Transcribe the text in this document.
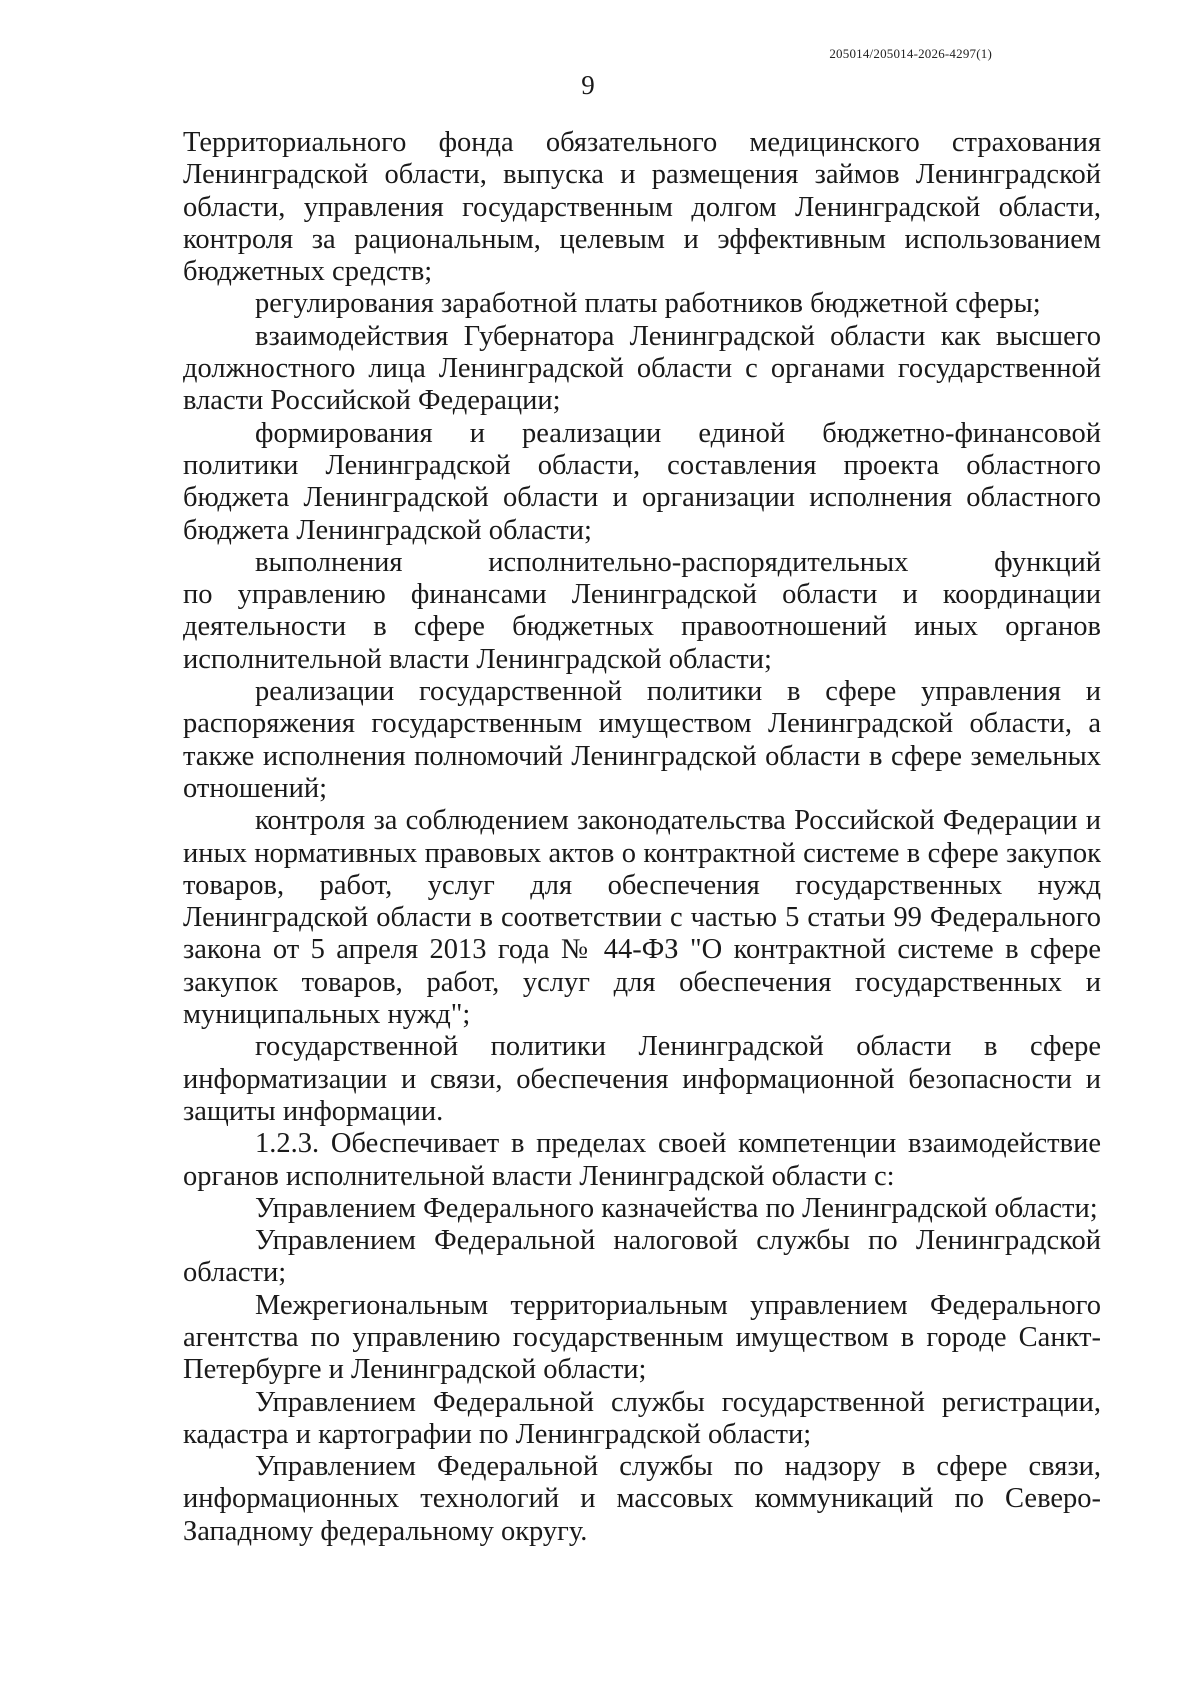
205014/205014-2026-4297(1)
9

Территориального фонда обязательного медицинского страхования Ленинградской области, выпуска и размещения займов Ленинградской области, управления государственным долгом Ленинградской области, контроля за рациональным, целевым и эффективным использованием бюджетных средств;

регулирования заработной платы работников бюджетной сферы;

взаимодействия Губернатора Ленинградской области как высшего должностного лица Ленинградской области с органами государственной власти Российской Федерации;

формирования и реализации единой бюджетно-финансовой политики Ленинградской области, составления проекта областного бюджета Ленинградской области и организации исполнения областного бюджета Ленинградской области;

выполнения исполнительно-распорядительных функций

по управлению финансами Ленинградской области и координации деятельности в сфере бюджетных правоотношений иных органов исполнительной власти Ленинградской области;

реализации государственной политики в сфере управления и распоряжения государственным имуществом Ленинградской области, а также исполнения полномочий Ленинградской области в сфере земельных отношений;

контроля за соблюдением законодательства Российской Федерации и иных нормативных правовых актов о контрактной системе в сфере закупок товаров, работ, услуг для обеспечения государственных нужд Ленинградской области в соответствии с частью 5 статьи 99 Федерального закона от 5 апреля 2013 года № 44-ФЗ "О контрактной системе в сфере закупок товаров, работ, услуг для обеспечения государственных и муниципальных нужд";

государственной политики Ленинградской области в сфере информатизации и связи, обеспечения информационной безопасности и защиты информации.

1.2.3. Обеспечивает в пределах своей компетенции взаимодействие органов исполнительной власти Ленинградской области с:

Управлением Федерального казначейства по Ленинградской области;

Управлением Федеральной налоговой службы по Ленинградской области;

Межрегиональным территориальным управлением Федерального агентства по управлению государственным имуществом в городе Санкт-Петербурге и Ленинградской области;

Управлением Федеральной службы государственной регистрации, кадастра и картографии по Ленинградской области;

Управлением Федеральной службы по надзору в сфере связи, информационных технологий и массовых коммуникаций по Северо-Западному федеральному округу.
